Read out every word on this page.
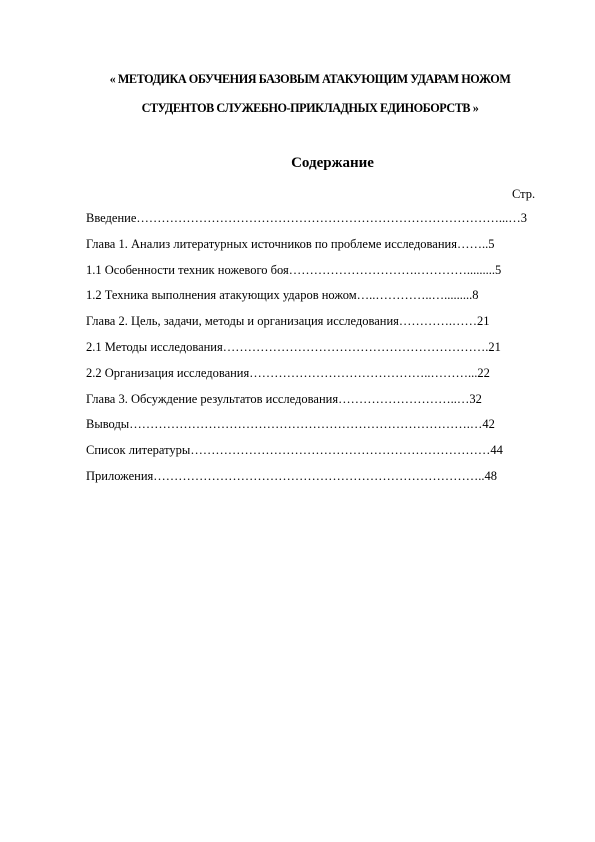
« МЕТОДИКА ОБУЧЕНИЯ БАЗОВЫМ АТАКУЮЩИМ УДАРАМ НОЖОМ
СТУДЕНТОВ СЛУЖЕБНО-ПРИКЛАДНЫХ ЕДИНОБОРСТВ »
Содержание
Стр.
Введение……………………………………………………………………………...…3
Глава 1. Анализ литературных источников по проблеме исследования……..5
1.1 Особенности техник ножевого боя………………………….………….........5
1.2 Техника выполнения атакующих ударов ножом…..…………..….........8
Глава 2. Цель, задачи, методы и организация исследования………….……21
2.1 Методы исследования……………………………………………………….21
2.2 Организация исследования……………………………………..………...22
Глава 3. Обсуждение результатов исследования………………………..…32
Выводы……………………………………………………………………….…42
Список литературы………………………………………………………………44
Приложения……………………………………………………………………..48
